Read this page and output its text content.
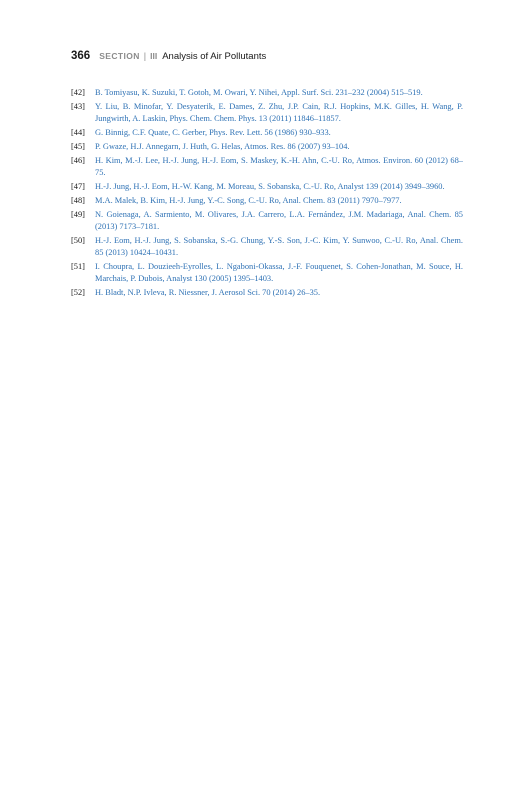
366 SECTION | III Analysis of Air Pollutants
[42]	B. Tomiyasu, K. Suzuki, T. Gotoh, M. Owari, Y. Nihei, Appl. Surf. Sci. 231–232 (2004) 515–519.
[43]	Y. Liu, B. Minofar, Y. Desyaterik, E. Dames, Z. Zhu, J.P. Cain, R.J. Hopkins, M.K. Gilles, H. Wang, P. Jungwirth, A. Laskin, Phys. Chem. Chem. Phys. 13 (2011) 11846–11857.
[44]	G. Binnig, C.F. Quate, C. Gerber, Phys. Rev. Lett. 56 (1986) 930–933.
[45]	P. Gwaze, H.J. Annegarn, J. Huth, G. Helas, Atmos. Res. 86 (2007) 93–104.
[46]	H. Kim, M.-J. Lee, H.-J. Jung, H.-J. Eom, S. Maskey, K.-H. Ahn, C.-U. Ro, Atmos. Environ. 60 (2012) 68–75.
[47]	H.-J. Jung, H.-J. Eom, H.-W. Kang, M. Moreau, S. Sobanska, C.-U. Ro, Analyst 139 (2014) 3949–3960.
[48]	M.A. Malek, B. Kim, H.-J. Jung, Y.-C. Song, C.-U. Ro, Anal. Chem. 83 (2011) 7970–7977.
[49]	N. Goienaga, A. Sarmiento, M. Olivares, J.A. Carrero, L.A. Fernández, J.M. Madariaga, Anal. Chem. 85 (2013) 7173–7181.
[50]	H.-J. Eom, H.-J. Jung, S. Sobanska, S.-G. Chung, Y.-S. Son, J.-C. Kim, Y. Sunwoo, C.-U. Ro, Anal. Chem. 85 (2013) 10424–10431.
[51]	I. Choupra, L. Douzieeh-Eyrolles, L. Ngaboni-Okassa, J.-F. Fouquenet, S. Cohen-Jonathan, M. Souce, H. Marchais, P. Dubois, Analyst 130 (2005) 1395–1403.
[52]	H. Bladt, N.P. Ivleva, R. Niessner, J. Aerosol Sci. 70 (2014) 26–35.
